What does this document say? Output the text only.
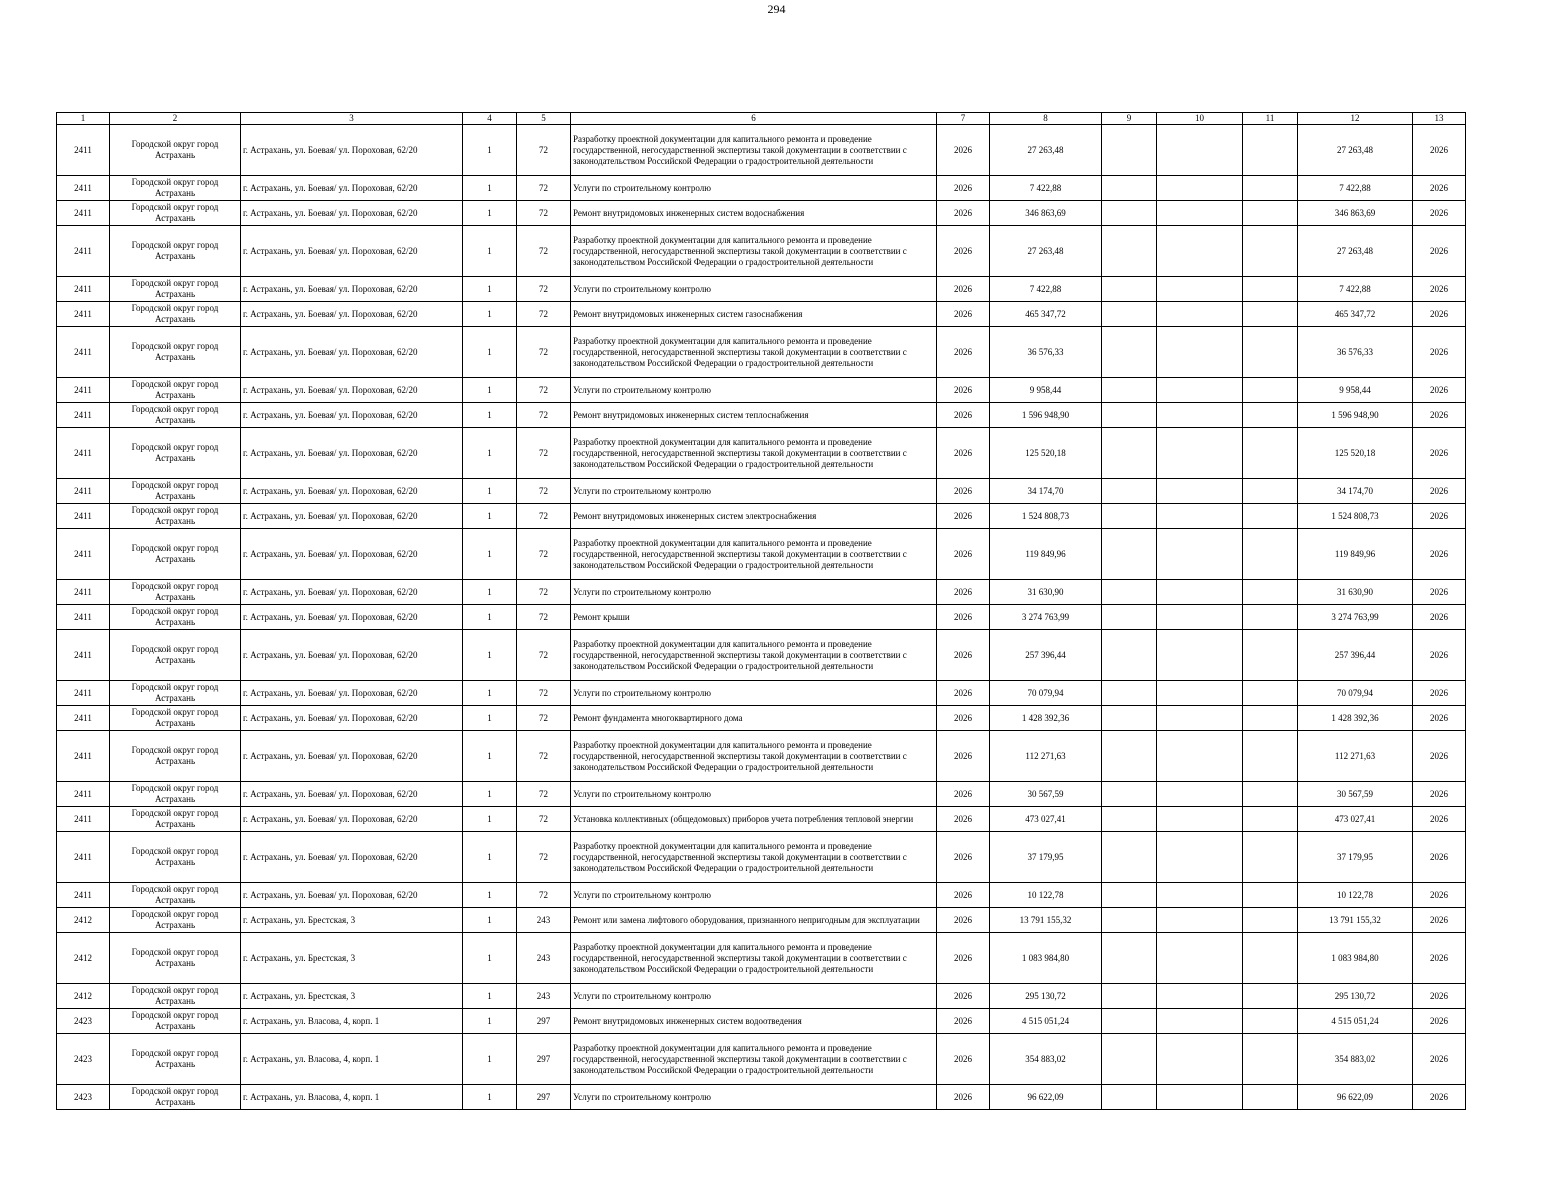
294
1	2	3	4	5	6	7	8	9	10	11	12	13
2411	Городской округ город Астрахань	г. Астрахань, ул. Боевая/ ул. Пороховая, 62/20	1	72	Разработку проектной документации для капитального ремонта и проведение государственной, негосударственной экспертизы такой документации в соответствии с законодательством Российской Федерации о градостроительной деятельности	2026	27 263,48				27 263,48	2026
2411	Городской округ город Астрахань	г. Астрахань, ул. Боевая/ ул. Пороховая, 62/20	1	72	Услуги по строительному контролю	2026	7 422,88				7 422,88	2026
2411	Городской округ город Астрахань	г. Астрахань, ул. Боевая/ ул. Пороховая, 62/20	1	72	Ремонт внутридомовых инженерных систем водоснабжения	2026	346 863,69				346 863,69	2026
2411	Городской округ город Астрахань	г. Астрахань, ул. Боевая/ ул. Пороховая, 62/20	1	72	Разработку проектной документации для капитального ремонта и проведение государственной, негосударственной экспертизы такой документации в соответствии с законодательством Российской Федерации о градостроительной деятельности	2026	27 263,48				27 263,48	2026
2411	Городской округ город Астрахань	г. Астрахань, ул. Боевая/ ул. Пороховая, 62/20	1	72	Услуги по строительному контролю	2026	7 422,88				7 422,88	2026
2411	Городской округ город Астрахань	г. Астрахань, ул. Боевая/ ул. Пороховая, 62/20	1	72	Ремонт внутридомовых инженерных систем газоснабжения	2026	465 347,72				465 347,72	2026
2411	Городской округ город Астрахань	г. Астрахань, ул. Боевая/ ул. Пороховая, 62/20	1	72	Разработку проектной документации для капитального ремонта и проведение государственной, негосударственной экспертизы такой документации в соответствии с законодательством Российской Федерации о градостроительной деятельности	2026	36 576,33				36 576,33	2026
2411	Городской округ город Астрахань	г. Астрахань, ул. Боевая/ ул. Пороховая, 62/20	1	72	Услуги по строительному контролю	2026	9 958,44				9 958,44	2026
2411	Городской округ город Астрахань	г. Астрахань, ул. Боевая/ ул. Пороховая, 62/20	1	72	Ремонт внутридомовых инженерных систем теплоснабжения	2026	1 596 948,90				1 596 948,90	2026
2411	Городской округ город Астрахань	г. Астрахань, ул. Боевая/ ул. Пороховая, 62/20	1	72	Разработку проектной документации для капитального ремонта и проведение государственной, негосударственной экспертизы такой документации в соответствии с законодательством Российской Федерации о градостроительной деятельности	2026	125 520,18				125 520,18	2026
2411	Городской округ город Астрахань	г. Астрахань, ул. Боевая/ ул. Пороховая, 62/20	1	72	Услуги по строительному контролю	2026	34 174,70				34 174,70	2026
2411	Городской округ город Астрахань	г. Астрахань, ул. Боевая/ ул. Пороховая, 62/20	1	72	Ремонт внутридомовых инженерных систем электроснабжения	2026	1 524 808,73				1 524 808,73	2026
2411	Городской округ город Астрахань	г. Астрахань, ул. Боевая/ ул. Пороховая, 62/20	1	72	Разработку проектной документации для капитального ремонта и проведение государственной, негосударственной экспертизы такой документации в соответствии с законодательством Российской Федерации о градостроительной деятельности	2026	119 849,96				119 849,96	2026
2411	Городской округ город Астрахань	г. Астрахань, ул. Боевая/ ул. Пороховая, 62/20	1	72	Услуги по строительному контролю	2026	31 630,90				31 630,90	2026
2411	Городской округ город Астрахань	г. Астрахань, ул. Боевая/ ул. Пороховая, 62/20	1	72	Ремонт крыши	2026	3 274 763,99				3 274 763,99	2026
2411	Городской округ город Астрахань	г. Астрахань, ул. Боевая/ ул. Пороховая, 62/20	1	72	Разработку проектной документации для капитального ремонта и проведение государственной, негосударственной экспертизы такой документации в соответствии с законодательством Российской Федерации о градостроительной деятельности	2026	257 396,44				257 396,44	2026
2411	Городской округ город Астрахань	г. Астрахань, ул. Боевая/ ул. Пороховая, 62/20	1	72	Услуги по строительному контролю	2026	70 079,94				70 079,94	2026
2411	Городской округ город Астрахань	г. Астрахань, ул. Боевая/ ул. Пороховая, 62/20	1	72	Ремонт фундамента многоквартирного дома	2026	1 428 392,36				1 428 392,36	2026
2411	Городской округ город Астрахань	г. Астрахань, ул. Боевая/ ул. Пороховая, 62/20	1	72	Разработку проектной документации для капитального ремонта и проведение государственной, негосударственной экспертизы такой документации в соответствии с законодательством Российской Федерации о градостроительной деятельности	2026	112 271,63				112 271,63	2026
2411	Городской округ город Астрахань	г. Астрахань, ул. Боевая/ ул. Пороховая, 62/20	1	72	Услуги по строительному контролю	2026	30 567,59				30 567,59	2026
2411	Городской округ город Астрахань	г. Астрахань, ул. Боевая/ ул. Пороховая, 62/20	1	72	Установка коллективных (общедомовых) приборов учета потребления тепловой энергии	2026	473 027,41				473 027,41	2026
2411	Городской округ город Астрахань	г. Астрахань, ул. Боевая/ ул. Пороховая, 62/20	1	72	Разработку проектной документации для капитального ремонта и проведение государственной, негосударственной экспертизы такой документации в соответствии с законодательством Российской Федерации о градостроительной деятельности	2026	37 179,95				37 179,95	2026
2411	Городской округ город Астрахань	г. Астрахань, ул. Боевая/ ул. Пороховая, 62/20	1	72	Услуги по строительному контролю	2026	10 122,78				10 122,78	2026
2412	Городской округ город Астрахань	г. Астрахань, ул. Брестская, 3	1	243	Ремонт или замена лифтового оборудования, признанного непригодным для эксплуатации	2026	13 791 155,32				13 791 155,32	2026
2412	Городской округ город Астрахань	г. Астрахань, ул. Брестская, 3	1	243	Разработку проектной документации для капитального ремонта и проведение государственной, негосударственной экспертизы такой документации в соответствии с законодательством Российской Федерации о градостроительной деятельности	2026	1 083 984,80				1 083 984,80	2026
2412	Городской округ город Астрахань	г. Астрахань, ул. Брестская, 3	1	243	Услуги по строительному контролю	2026	295 130,72				295 130,72	2026
2423	Городской округ город Астрахань	г. Астрахань, ул. Власова, 4, корп. 1	1	297	Ремонт внутридомовых инженерных систем водоотведения	2026	4 515 051,24				4 515 051,24	2026
2423	Городской округ город Астрахань	г. Астрахань, ул. Власова, 4, корп. 1	1	297	Разработку проектной документации для капитального ремонта и проведение государственной, негосударственной экспертизы такой документации в соответствии с законодательством Российской Федерации о градостроительной деятельности	2026	354 883,02				354 883,02	2026
2423	Городской округ город Астрахань	г. Астрахань, ул. Власова, 4, корп. 1	1	297	Услуги по строительному контролю	2026	96 622,09				96 622,09	2026
